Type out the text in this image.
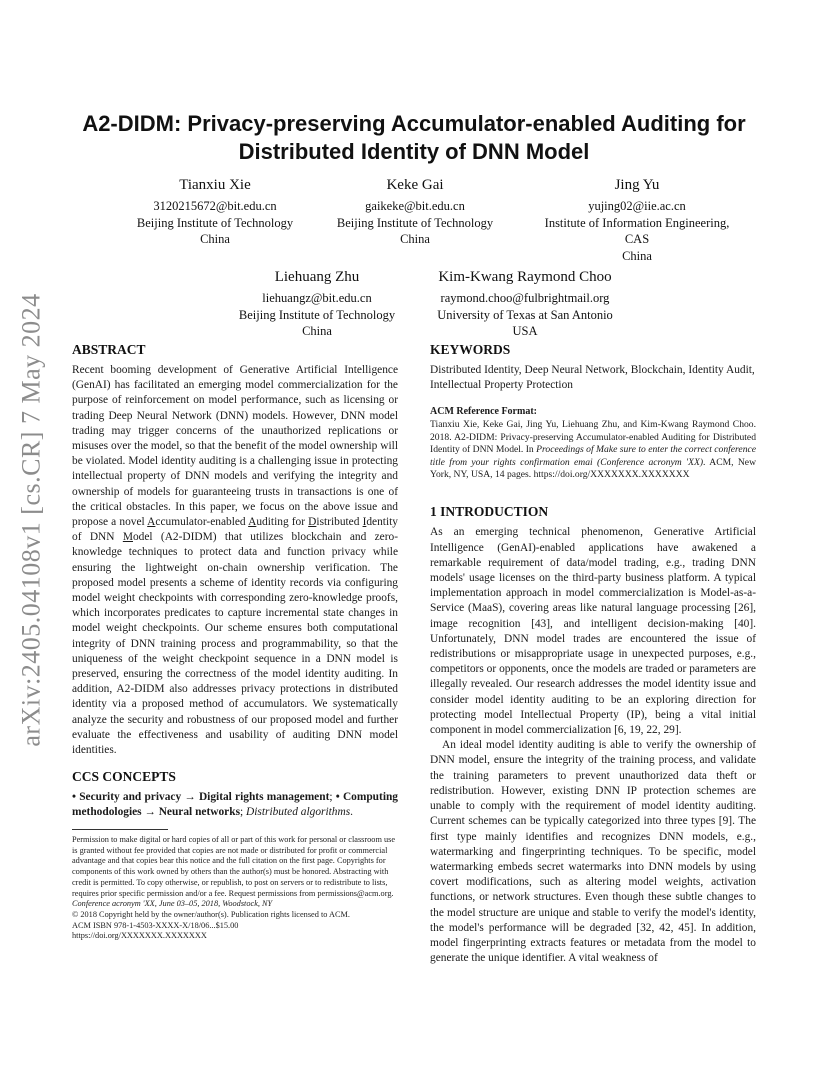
arXiv:2405.04108v1 [cs.CR] 7 May 2024
A2-DIDM: Privacy-preserving Accumulator-enabled Auditing for
Distributed Identity of DNN Model
Tianxiu Xie
3120215672@bit.edu.cn
Beijing Institute of Technology
China
Keke Gai
gaikeke@bit.edu.cn
Beijing Institute of Technology
China
Jing Yu
yujing02@iie.ac.cn
Institute of Information Engineering,
CAS
China
Liehuang Zhu
liehuangz@bit.edu.cn
Beijing Institute of Technology
China
Kim-Kwang Raymond Choo
raymond.choo@fulbrightmail.org
University of Texas at San Antonio
USA
ABSTRACT

Recent booming development of Generative Artificial Intelligence (GenAI) has facilitated an emerging model commercialization for the purpose of reinforcement on model performance, such as licensing or trading Deep Neural Network (DNN) models. However, DNN model trading may trigger concerns of the unauthorized replications or misuses over the model, so that the benefit of the model ownership will be violated. Model identity auditing is a challenging issue in protecting intellectual property of DNN models and verifying the integrity and ownership of models for guaranteeing trusts in transactions is one of the critical obstacles. In this paper, we focus on the above issue and propose a novel Accumulator-enabled Auditing for Distributed Identity of DNN Model (A2-DIDM) that utilizes blockchain and zero-knowledge techniques to protect data and function privacy while ensuring the lightweight on-chain ownership verification. The proposed model presents a scheme of identity records via configuring model weight checkpoints with corresponding zero-knowledge proofs, which incorporates predicates to capture incremental state changes in model weight checkpoints. Our scheme ensures both computational integrity of DNN training process and programmability, so that the uniqueness of the weight checkpoint sequence in a DNN model is preserved, ensuring the correctness of the model identity auditing. In addition, A2-DIDM also addresses privacy protections in distributed identity via a proposed method of accumulators. We systematically analyze the security and robustness of our proposed model and further evaluate the effectiveness and usability of auditing DNN model identities.

CCS CONCEPTS

• Security and privacy → Digital rights management; • Computing methodologies → Neural networks; Distributed algorithms.

Permission to make digital or hard copies of all or part of this work for personal or classroom use is granted without fee provided that copies are not made or distributed for profit or commercial advantage and that copies bear this notice and the full citation on the first page. Copyrights for components of this work owned by others than the author(s) must be honored. Abstracting with credit is permitted. To copy otherwise, or republish, to post on servers or to redistribute to lists, requires prior specific permission and/or a fee. Request permissions from permissions@acm.org.

Conference acronym 'XX, June 03–05, 2018, Woodstock, NY

© 2018 Copyright held by the owner/author(s). Publication rights licensed to ACM.

ACM ISBN 978-1-4503-XXXX-X/18/06...$15.00

https://doi.org/XXXXXXX.XXXXXXX

KEYWORDS

Distributed Identity, Deep Neural Network, Blockchain, Identity Audit, Intellectual Property Protection

ACM Reference Format:

Tianxiu Xie, Keke Gai, Jing Yu, Liehuang Zhu, and Kim-Kwang Raymond Choo. 2018. A2-DIDM: Privacy-preserving Accumulator-enabled Auditing for Distributed Identity of DNN Model. In Proceedings of Make sure to enter the correct conference title from your rights confirmation emai (Conference acronym 'XX). ACM, New York, NY, USA, 14 pages. https://doi.org/XXXXXXX.XXXXXXX

1 INTRODUCTION

As an emerging technical phenomenon, Generative Artificial Intelligence (GenAI)-enabled applications have awakened a remarkable requirement of data/model trading, e.g., trading DNN models' usage licenses on the third-party business platform. A typical implementation approach in model commercialization is Model-as-a-Service (MaaS), covering areas like natural language processing [26], image recognition [43], and intelligent decision-making [40]. Unfortunately, DNN model trades are encountered the issue of redistributions or misappropriate usage in unexpected purposes, e.g., competitors or opponents, once the models are traded or parameters are illegally revealed. Our research addresses the model identity issue and consider model identity auditing to be an exploring direction for protecting model Intellectual Property (IP), being a vital initial component in model commercialization [6, 19, 22, 29].

An ideal model identity auditing is able to verify the ownership of DNN model, ensure the integrity of the training process, and validate the training parameters to prevent unauthorized data theft or redistribution. However, existing DNN IP protection schemes are unable to comply with the requirement of model identity auditing. Current schemes can be typically categorized into three types [9]. The first type mainly identifies and recognizes DNN models, e.g., watermarking and fingerprinting techniques. To be specific, model watermarking embeds secret watermarks into DNN models by using covert modifications, such as altering model weights, activation functions, or network structures. Even though these subtle changes to the model structure are unique and stable to verify the model's identity, the model's performance will be degraded [32, 42, 45]. In addition, model fingerprinting extracts features or metadata from the model to generate the unique identifier. A vital weakness of
